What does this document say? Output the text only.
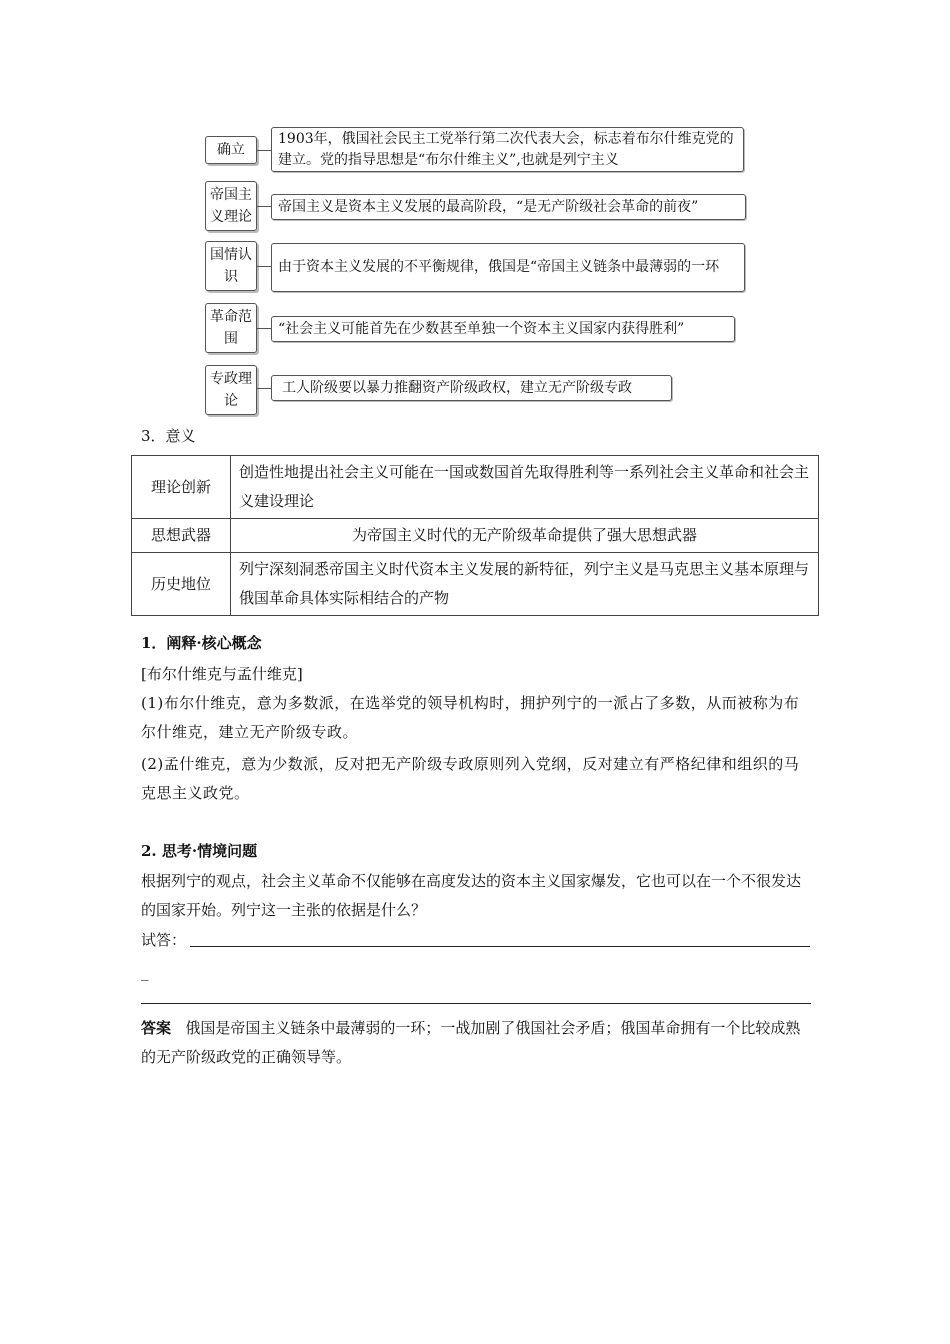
确立
1903年，俄国社会民主工党举行第二次代表大会，标志着布尔什维克党的建立。党的指导思想是“布尔什维主义”,也就是列宁主义
帝国主义理论
帝国主义是资本主义发展的最高阶段，“是无产阶级社会革命的前夜”
国情认识
由于资本主义发展的不平衡规律，俄国是“帝国主义链条中最薄弱的一环
革命范围
“社会主义可能首先在少数甚至单独一个资本主义国家内获得胜利”
专政理论
工人阶级要以暴力推翻资产阶级政权，建立无产阶级专政
3．意义
理论创新	创造性地提出社会主义可能在一国或数国首先取得胜利等一系列社会主义革命和社会主义建设理论
思想武器	为帝国主义时代的无产阶级革命提供了强大思想武器
历史地位	列宁深刻洞悉帝国主义时代资本主义发展的新特征，列宁主义是马克思主义基本原理与俄国革命具体实际相结合的产物
1．阐释·核心概念
[布尔什维克与孟什维克]
(1)布尔什维克，意为多数派，在选举党的领导机构时，拥护列宁的一派占了多数，从而被称为布尔什维克，建立无产阶级专政。
(2)孟什维克，意为少数派，反对把无产阶级专政原则列入党纲，反对建立有严格纪律和组织的马克思主义政党。
2. 思考·情境问题
根据列宁的观点，社会主义革命不仅能够在高度发达的资本主义国家爆发，它也可以在一个不很发达的国家开始。列宁这一主张的依据是什么？
试答：
_
答案 俄国是帝国主义链条中最薄弱的一环；一战加剧了俄国社会矛盾；俄国革命拥有一个比较成熟的无产阶级政党的正确领导等。
